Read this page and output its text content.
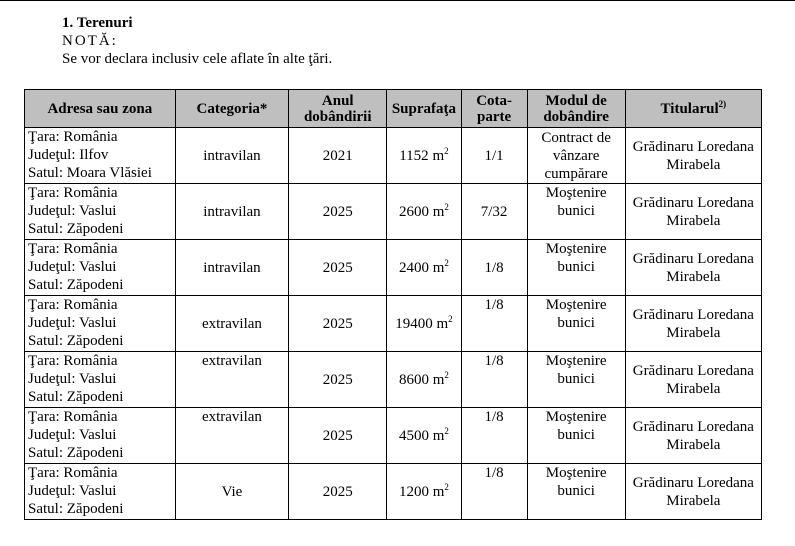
1. Terenuri
NOTĂ:
Se vor declara inclusiv cele aflate în alte ţări.
Adresa sau zona	Categoria*	Anul dobândirii	Suprafaţa	Cota-parte	Modul de dobândire	Titularul$^{2)}$

Ţara: România
Judeţul: Ilfov
Satul: Moara Vlăsiei	intravilan	2021	1152 $m^2$	1/1	Contract de vânzare cumpărare	Grădinaru Loredana Mirabela

Ţara: România
Judeţul: Vaslui
Satul: Zăpodeni	intravilan	2025	2600 $m^2$	7/32	Moştenire bunici	Grădinaru Loredana Mirabela

Ţara: România
Judeţul: Vaslui
Satul: Zăpodeni	intravilan	2025	2400 $m^2$	1/8	Moştenire bunici	Grădinaru Loredana Mirabela

Ţara: România
Judeţul: Vaslui
Satul: Zăpodeni	extravilan	2025	19400 $m^2$	1/8	Moştenire bunici	Grădinaru Loredana Mirabela

Ţara: România
Judeţul: Vaslui
Satul: Zăpodeni	extravilan	2025	8600 $m^2$	1/8	Moştenire bunici	Grădinaru Loredana Mirabela

Ţara: România
Judeţul: Vaslui
Satul: Zăpodeni	extravilan	2025	4500 $m^2$	1/8	Moştenire bunici	Grădinaru Loredana Mirabela

Ţara: România
Judeţul: Vaslui
Satul: Zăpodeni	Vie	2025	1200 $m^2$	1/8	Moştenire bunici	Grădinaru Loredana Mirabela
